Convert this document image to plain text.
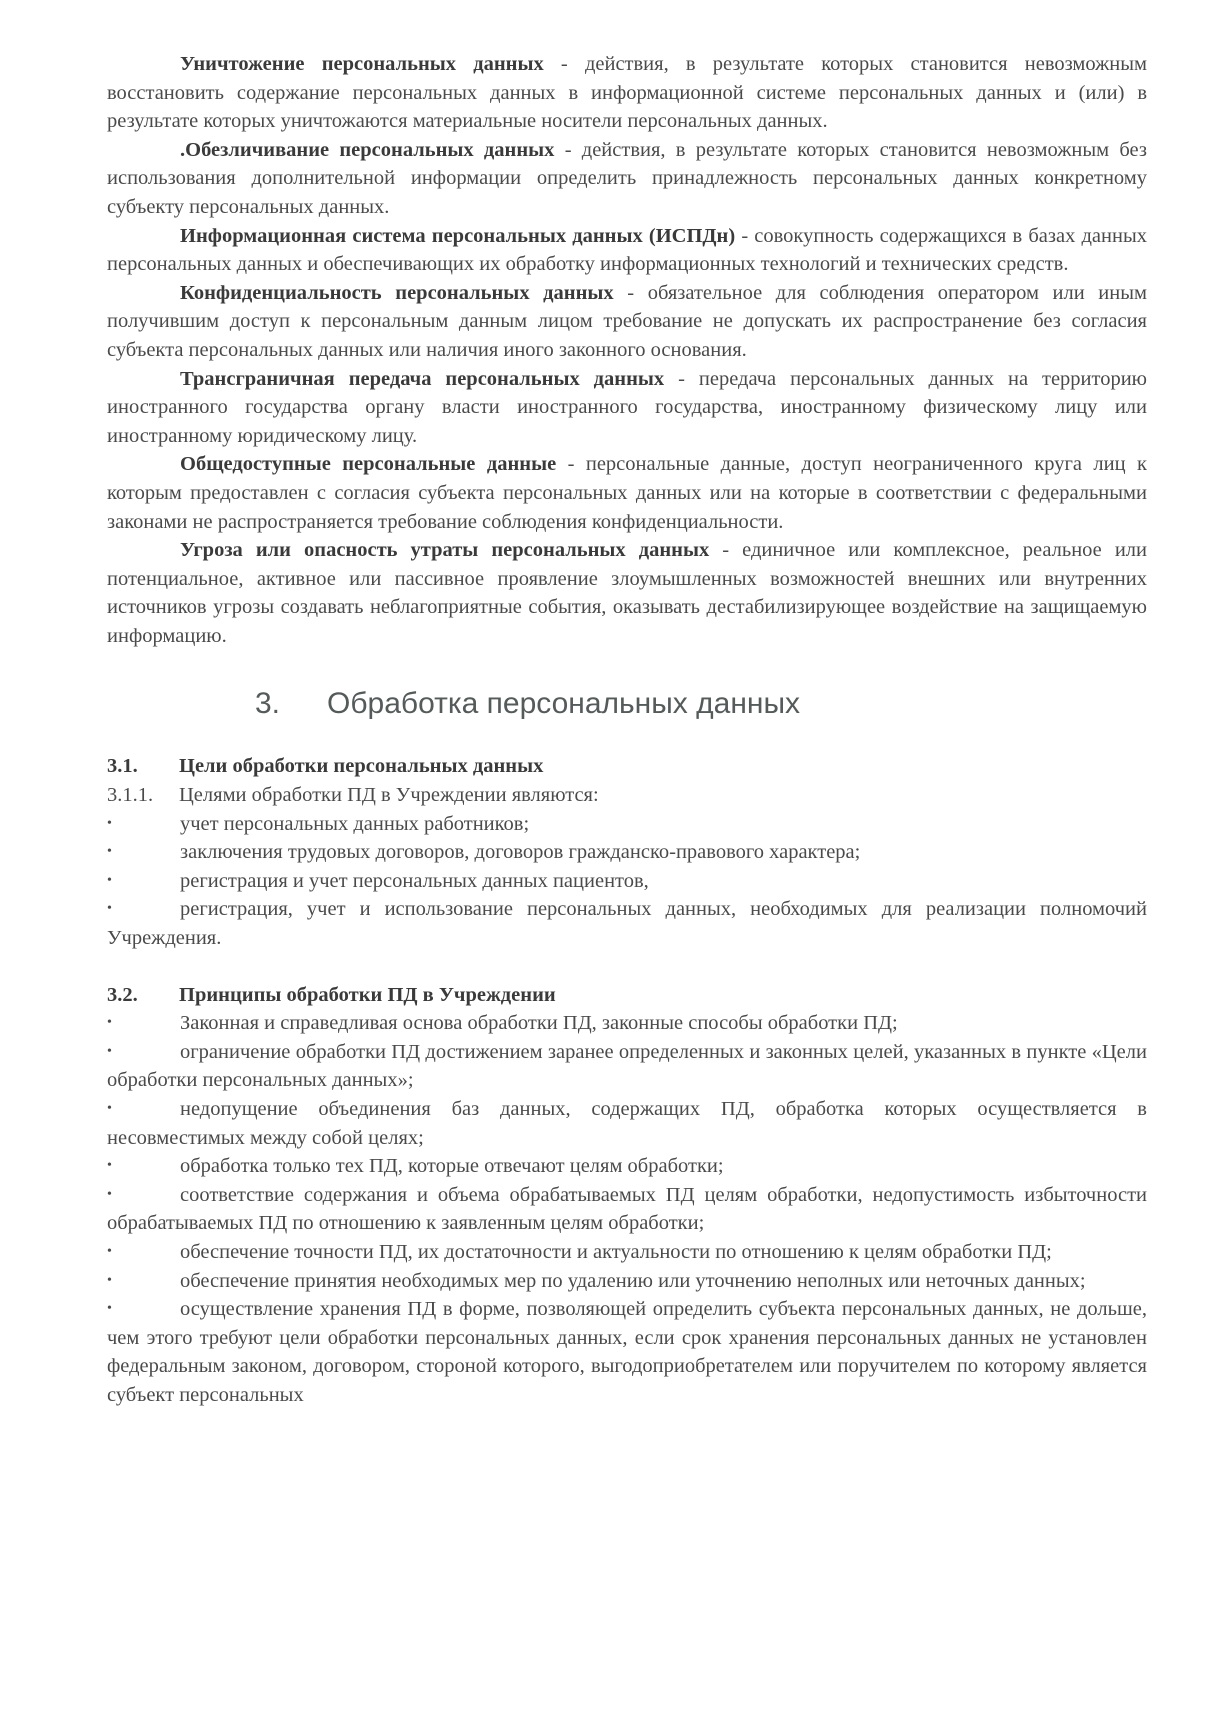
Уничтожение персональных данных - действия, в результате которых становится невозможным восстановить содержание персональных данных в информационной системе персональных данных и (или) в результате которых уничтожаются материальные носители персональных данных.

.Обезличивание персональных данных - действия, в результате которых становится невозможным без использования дополнительной информации определить принадлежность персональных данных конкретному субъекту персональных данных.

Информационная система персональных данных (ИСПДн) - совокупность содержащихся в базах данных персональных данных и обеспечивающих их обработку информационных технологий и технических средств.

Конфиденциальность персональных данных - обязательное для соблюдения оператором или иным получившим доступ к персональным данным лицом требование не допускать их распространение без согласия субъекта персональных данных или наличия иного законного основания.

Трансграничная передача персональных данных - передача персональных данных на территорию иностранного государства органу власти иностранного государства, иностранному физическому лицу или иностранному юридическому лицу.

Общедоступные персональные данные - персональные данные, доступ неограниченного круга лиц к которым предоставлен с согласия субъекта персональных данных или на которые в соответствии с федеральными законами не распространяется требование соблюдения конфиденциальности.

Угроза или опасность утраты персональных данных - единичное или комплексное, реальное или потенциальное, активное или пассивное проявление злоумышленных возможностей внешних или внутренних источников угрозы создавать неблагоприятные события, оказывать дестабилизирующее воздействие на защищаемую информацию.

3. Обработка персональных данных

3.1. Цели обработки персональных данных

3.1.1. Целями обработки ПД в Учреждении являются:

•	учет персональных данных работников;

•	заключения трудовых договоров, договоров гражданско-правового характера;

•	регистрация и учет персональных данных пациентов,

•	регистрация, учет и использование персональных данных, необходимых для реализации полномочий Учреждения.

3.2. Принципы обработки ПД в Учреждении

•	Законная и справедливая основа обработки ПД, законные способы обработки ПД;

•	ограничение обработки ПД достижением заранее определенных и законных целей, указанных в пункте «Цели обработки персональных данных»;

•	недопущение объединения баз данных, содержащих ПД, обработка которых осуществляется в несовместимых между собой целях;

•	обработка только тех ПД, которые отвечают целям обработки;

•	соответствие содержания и объема обрабатываемых ПД целям обработки, недопустимость избыточности обрабатываемых ПД по отношению к заявленным целям обработки;

•	обеспечение точности ПД, их достаточности и актуальности по отношению к целям обработки ПД;

•	обеспечение принятия необходимых мер по удалению или уточнению неполных или неточных данных;

•	осуществление хранения ПД в форме, позволяющей определить субъекта персональных данных, не дольше, чем этого требуют цели обработки персональных данных, если срок хранения персональных данных не установлен федеральным законом, договором, стороной которого, выгодоприобретателем или поручителем по которому является субъект персональных
